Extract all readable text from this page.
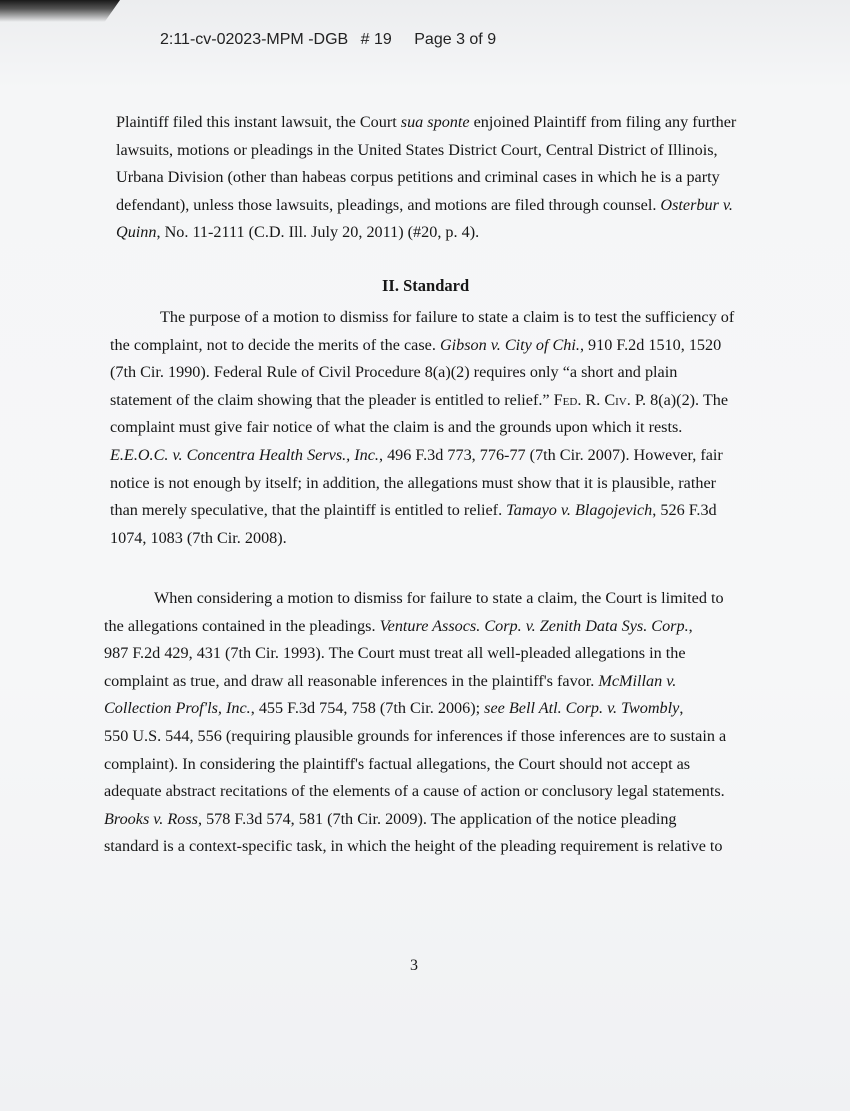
2:11-cv-02023-MPM -DGB # 19 Page 3 of 9
Plaintiff filed this instant lawsuit, the Court sua sponte enjoined Plaintiff from filing any further
lawsuits, motions or pleadings in the United States District Court, Central District of Illinois,
Urbana Division (other than habeas corpus petitions and criminal cases in which he is a party
defendant), unless those lawsuits, pleadings, and motions are filed through counsel. Osterbur v.
Quinn, No. 11-2111 (C.D. Ill. July 20, 2011) (#20, p. 4).
II. Standard
The purpose of a motion to dismiss for failure to state a claim is to test the sufficiency of
the complaint, not to decide the merits of the case. Gibson v. City of Chi., 910 F.2d 1510, 1520
(7th Cir. 1990). Federal Rule of Civil Procedure 8(a)(2) requires only “a short and plain
statement of the claim showing that the pleader is entitled to relief.” Fed. R. Civ. P. 8(a)(2). The
complaint must give fair notice of what the claim is and the grounds upon which it rests.
E.E.O.C. v. Concentra Health Servs., Inc., 496 F.3d 773, 776-77 (7th Cir. 2007). However, fair
notice is not enough by itself; in addition, the allegations must show that it is plausible, rather
than merely speculative, that the plaintiff is entitled to relief. Tamayo v. Blagojevich, 526 F.3d
1074, 1083 (7th Cir. 2008).
When considering a motion to dismiss for failure to state a claim, the Court is limited to
the allegations contained in the pleadings. Venture Assocs. Corp. v. Zenith Data Sys. Corp.,
987 F.2d 429, 431 (7th Cir. 1993). The Court must treat all well-pleaded allegations in the
complaint as true, and draw all reasonable inferences in the plaintiff's favor. McMillan v.
Collection Prof'ls, Inc., 455 F.3d 754, 758 (7th Cir. 2006); see Bell Atl. Corp. v. Twombly,
550 U.S. 544, 556 (requiring plausible grounds for inferences if those inferences are to sustain a
complaint). In considering the plaintiff's factual allegations, the Court should not accept as
adequate abstract recitations of the elements of a cause of action or conclusory legal statements.
Brooks v. Ross, 578 F.3d 574, 581 (7th Cir. 2009). The application of the notice pleading
standard is a context-specific task, in which the height of the pleading requirement is relative to
3
